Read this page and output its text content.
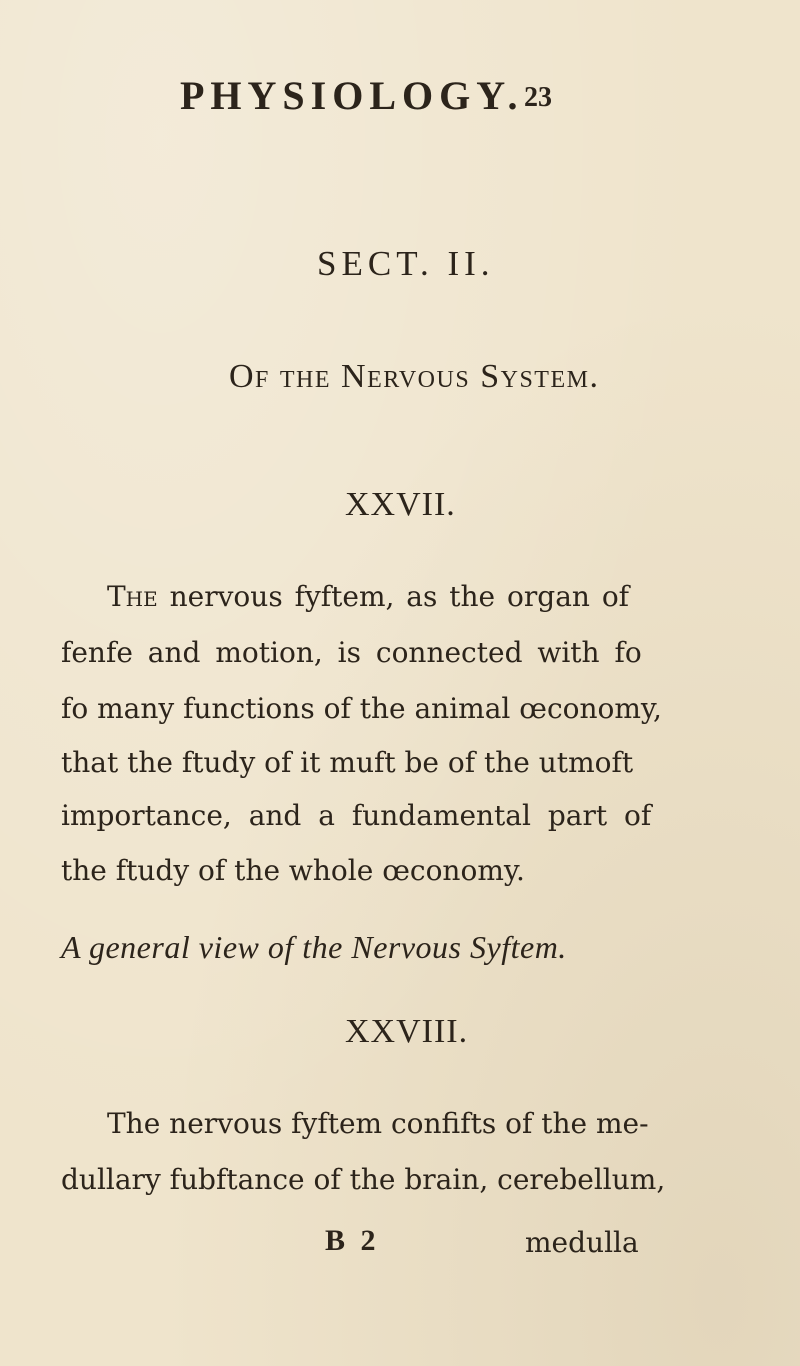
PHYSIOLOGY. 23
SECT. II.
Of the Nervous System.
XXVII.
The nervous fyftem, as the organ of
fenfe and motion, is connected with fo
fo many functions of the animal œconomy,
that the ftudy of it muft be of the utmoft
importance, and a fundamental part of
the ftudy of the whole œconomy.
A general view of the Nervous Syftem.
XXVIII.
The nervous fyftem confifts of the me-
dullary fubftance of the brain, cerebellum,
B 2	medulla
